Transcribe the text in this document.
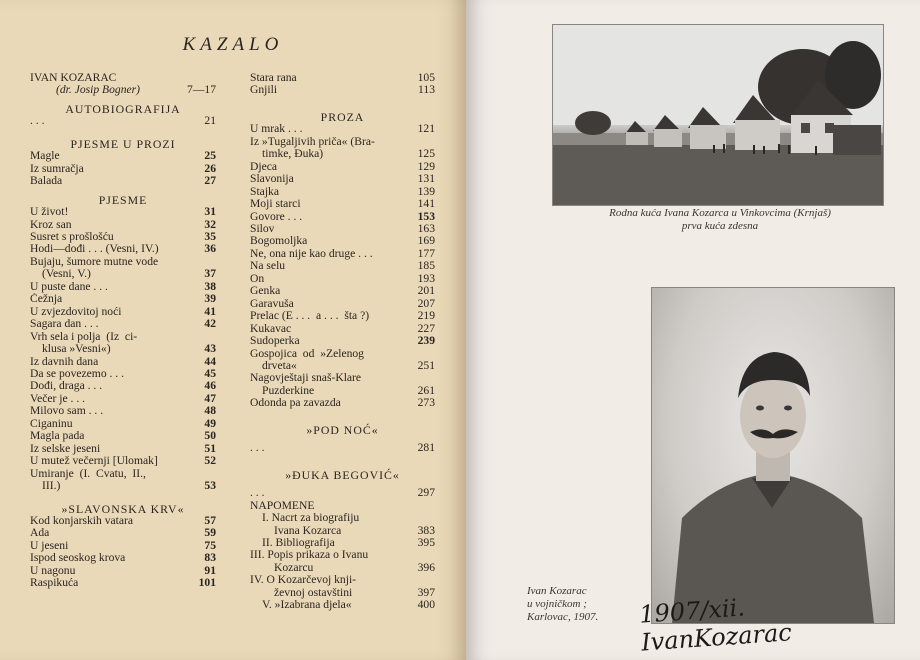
KAZALO
IVAN KOZARAC
(dr. Josip Bogner)	7—17
AUTOBIOGRAFIJA
. . .	21
PJESME U PROZI
Magle	25
Iz sumračja	26
Balada	27
PJESME
U život!	31
Kroz san	32
Susret s prošlošću	35
Hodi—dođi . . . (Vesni, IV.)	36
Bujaju, šumore mutne vode
(Vesni, V.)	37
U puste dane . . .	38
Čežnja	39
U zvjezdovitoj noći	41
Sagara dan . . .	42
Vrh sela i polja  (Iz  ci-
klusa »Vesni«)	43
Iz davnih dana	44
Da se povezemo . . .	45
Dođi, draga . . .	46
Večer je . . .	47
Milovo sam . . .	48
Ciganinu	49
Magla pada	50
Iz selske jeseni	51
U mutež večernji [Ulomak]	52
Umiranje  (I.  Cvatu,  II.,
III.)	53
»SLAVONSKA KRV«
Kod konjarskih vatara	57
Ada	59
U jeseni	75
Ispod seoskog krova	83
U nagonu	91
Raspikuća	101
Stara rana	105
Gnjili	113
PROZA
U mrak . . .	121
Iz »Tugaljivih priča« (Bra-
timke, Đuka)	125
Djeca	129
Slavonija	131
Stajka	139
Moji starci	141
Govore . . .	153
Silov	163
Bogomoljka	169
Ne, ona nije kao druge . . .	177
Na selu	185
On	193
Genka	201
Garavuša	207
Prelac (E . . .  a . . .  šta ?)	219
Kukavac	227
Sudoperka	239
Gospojica  od  »Zelenog
drveta«	251
Nagovještaji snaš-Klare
Puzderkine	261
Odonda pa zavazda	273
»POD NOĆ«
. . .	281
»ĐUKA BEGOVIĆ«
. . .	297
NAPOMENE
I. Nacrt za biografiju
Ivana Kozarca	383
II. Bibliografija	395
III. Popis prikaza o Ivanu
Kozarcu	396
IV. O Kozarčevoj knji-
ževnoj ostavštini	397
V. »Izabrana djela«	400
Rodna kuća Ivana Kozarca u Vinkovcima (Krnjaš)
prva kuća zdesna
Ivan Kozarac
u vojničkom ;
Karlovac, 1907.	1907/xii. IvanKozarac
